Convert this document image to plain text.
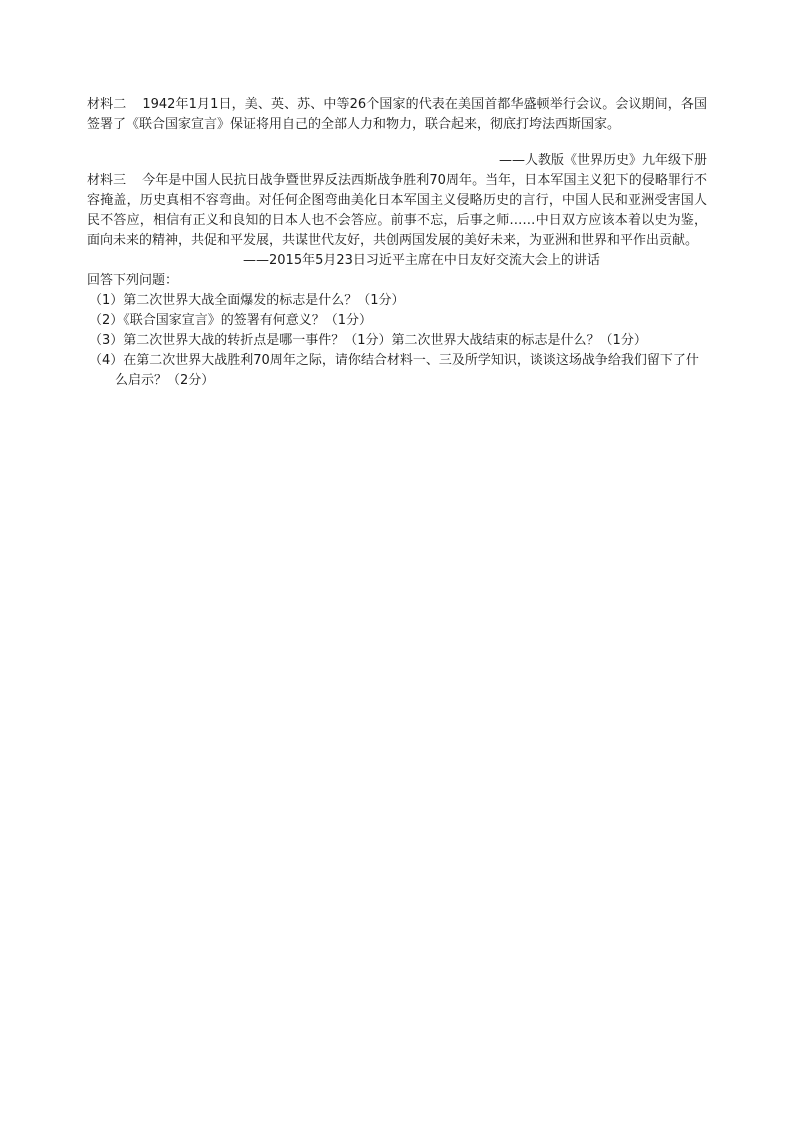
材料二 1942年1月1日，美、英、苏、中等26个国家的代表在美国首都华盛顿举行会议。会议期间，各国签署了《联合国家宣言》保证将用自己的全部人力和物力，联合起来，彻底打垮法西斯国家。

——人教版《世界历史》九年级下册

材料三 今年是中国人民抗日战争暨世界反法西斯战争胜利70周年。当年，日本军国主义犯下的侵略罪行不容掩盖，历史真相不容弯曲。对任何企图弯曲美化日本军国主义侵略历史的言行，中国人民和亚洲受害国人民不答应，相信有正义和良知的日本人也不会答应。前事不忘，后事之师……中日双方应该本着以史为鉴，面向未来的精神，共促和平发展，共谋世代友好，共创两国发展的美好未来，为亚洲和世界和平作出贡献。

——2015年5月23日习近平主席在中日友好交流大会上的讲话

回答下列问题：

（1）第二次世界大战全面爆发的标志是什么？（1分）

（2）《联合国家宣言》的签署有何意义？（1分）

（3）第二次世界大战的转折点是哪一事件？（1分）第二次世界大战结束的标志是什么？（1分）

（4）在第二次世界大战胜利70周年之际，请你结合材料一、三及所学知识，谈谈这场战争给我们留下了什么启示？（2分）
